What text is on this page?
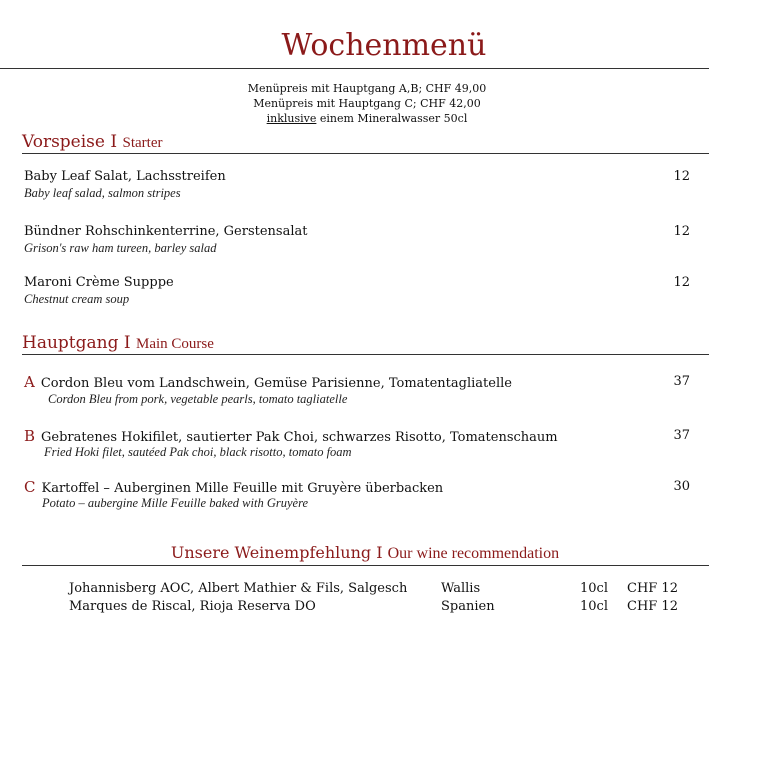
Wochenmenü
Menüpreis mit Hauptgang A,B; CHF 49,00
Menüpreis mit Hauptgang C; CHF 42,00
inklusive einem Mineralwasser 50cl
Vorspeise I Starter
Baby Leaf Salat, Lachsstreifen
Baby leaf salad, salmon stripes
12
Bündner Rohschinkenterrine, Gerstensalat
Grison's raw ham tureen, barley salad
12
Maroni Crème Supppe
Chestnut cream soup
12
Hauptgang I Main Course
A Cordon Bleu vom Landschwein, Gemüse Parisienne, Tomatentagliatelle
Cordon Bleu from pork, vegetable pearls, tomato tagliatelle
37
B Gebratenes Hokifilet, sautierter Pak Choi, schwarzes Risotto, Tomatenschaum
Fried Hoki filet, sautéed Pak choi, black risotto, tomato foam
37
C Kartoffel – Auberginen Mille Feuille mit Gruyère überbacken
Potato – aubergine Mille Feuille baked with Gruyère
30
Unsere Weinempfehlung I Our wine recommendation
Johannisberg AOC, Albert Mathier & Fils, Salgesch	Wallis	10cl CHF 12
Marques de Riscal, Rioja Reserva DO	Spanien	10cl CHF 12
